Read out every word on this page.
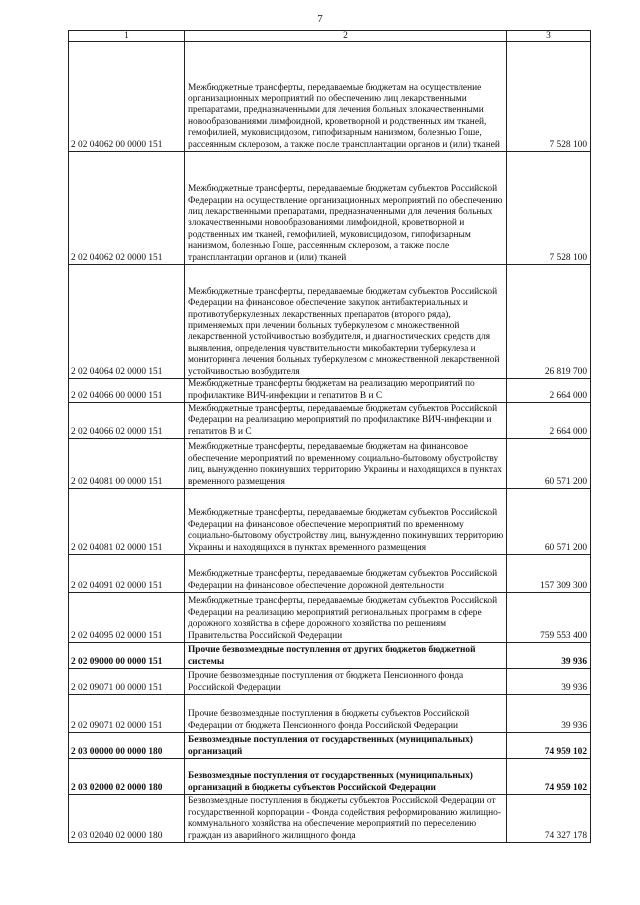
7
1	2	3
2 02 04062 00 0000 151	Межбюджетные трансферты, передаваемые бюджетам на осуществление организационных мероприятий по обеспечению лиц лекарственными препаратами, предназначенными для лечения больных злокачественными новообразованиями лимфоидной, кроветворной и родственных им тканей, гемофилией, муковисцидозом, гипофизарным нанизмом, болезнью Гоше, рассеянным склерозом, а также после трансплантации органов и (или) тканей	7 528 100
2 02 04062 02 0000 151	Межбюджетные трансферты, передаваемые бюджетам субъектов Российской Федерации на осуществление организационных мероприятий по обеспечению лиц лекарственными препаратами, предназначенными для лечения больных злокачественными новообразованиями лимфоидной, кроветворной и родственных им тканей, гемофилией, муковисцидозом, гипофизарным нанизмом, болезнью Гоше, рассеянным склерозом, а также после трансплантации органов и (или) тканей	7 528 100
2 02 04064 02 0000 151	Межбюджетные трансферты, передаваемые бюджетам субъектов Российской Федерации на финансовое обеспечение закупок антибактериальных и противотуберкулезных лекарственных препаратов (второго ряда), применяемых при лечении больных туберкулезом с множественной лекарственной устойчивостью возбудителя, и диагностических средств для выявления, определения чувствительности микобактерии туберкулеза и мониторинга лечения больных туберкулезом с множественной лекарственной устойчивостью возбудителя	26 819 700
2 02 04066 00 0000 151	Межбюджетные трансферты бюджетам на реализацию мероприятий по профилактике ВИЧ-инфекции и гепатитов В и С	2 664 000
2 02 04066 02 0000 151	Межбюджетные трансферты, передаваемые бюджетам субъектов Российской Федерации на реализацию мероприятий по профилактике ВИЧ-инфекции и гепатитов В и С	2 664 000
2 02 04081 00 0000 151	Межбюджетные трансферты, передаваемые бюджетам на финансовое обеспечение мероприятий по временному социально-бытовому обустройству лиц, вынужденно покинувших территорию Украины и находящихся в пунктах временного размещения	60 571 200
2 02 04081 02 0000 151	Межбюджетные трансферты, передаваемые бюджетам субъектов Российской Федерации на финансовое обеспечение мероприятий по временному социально-бытовому обустройству лиц, вынужденно покинувших территорию Украины и находящихся в пунктах временного размещения	60 571 200
2 02 04091 02 0000 151	Межбюджетные трансферты, передаваемые бюджетам субъектов Российской Федерации на финансовое обеспечение дорожной деятельности	157 309 300
2 02 04095 02 0000 151	Межбюджетные трансферты, передаваемые бюджетам субъектов Российской Федерации на реализацию мероприятий региональных программ в сфере дорожного хозяйства в сфере дорожного хозяйства по решениям Правительства Российской Федерации	759 553 400
2 02 09000 00 0000 151	Прочие безвозмездные поступления от других бюджетов бюджетной системы	39 936
2 02 09071 00 0000 151	Прочие безвозмездные поступления от бюджета Пенсионного фонда Российской Федерации	39 936
2 02 09071 02 0000 151	Прочие безвозмездные поступления в бюджеты субъектов Российской Федерации от бюджета Пенсионного фонда Российской Федерации	39 936
2 03 00000 00 0000 180	Безвозмездные поступления от государственных (муниципальных) организаций	74 959 102
2 03 02000 02 0000 180	Безвозмездные поступления от государственных (муниципальных) организаций в бюджеты субъектов Российской Федерации	74 959 102
2 03 02040 02 0000 180	Безвозмездные поступления в бюджеты субъектов Российской Федерации от государственной корпорации - Фонда содействия реформированию жилищно-коммунального хозяйства на обеспечение мероприятий по переселению граждан из аварийного жилищного фонда	74 327 178
